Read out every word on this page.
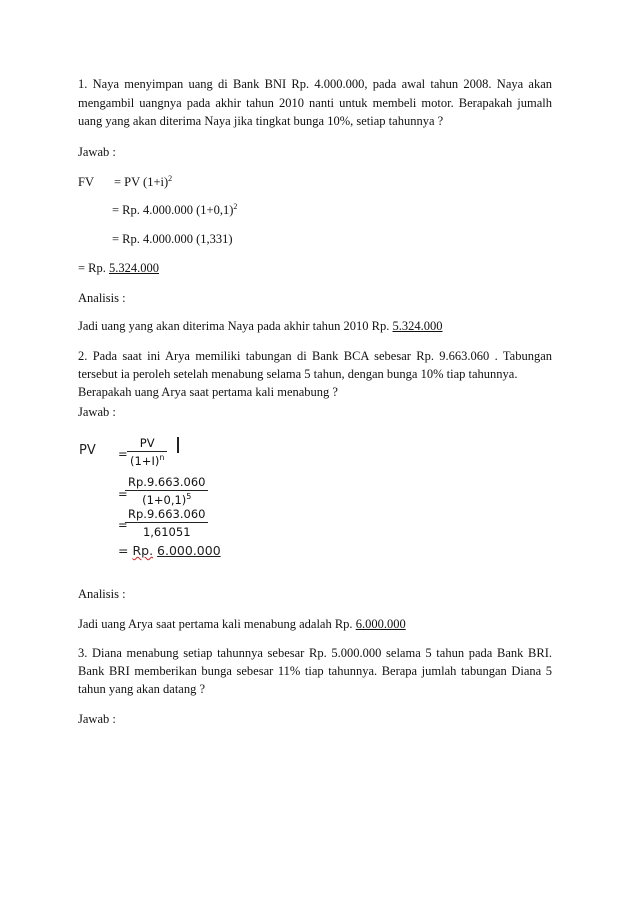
1. Naya menyimpan uang di Bank BNI Rp. 4.000.000, pada awal tahun 2008. Naya akan
mengambil uangnya pada akhir tahun 2010 nanti untuk membeli motor. Berapakah jumalh
uang yang akan diterima Naya jika tingkat bunga 10%, setiap tahunnya ?
Jawab :
FV = PV $(1+i)^2$
= Rp. 4.000.000 $(1+0,1)^2$
= Rp. 4.000.000 (1,331)
= Rp. 5.324.000
Analisis :
Jadi uang yang akan diterima Naya pada akhir tahun 2010 Rp. 5.324.000
2. Pada saat ini Arya memiliki tabungan di Bank BCA sebesar Rp. 9.663.060 . Tabungan
tersebut ia peroleh setelah menabung selama 5 tahun, dengan bunga 10% tiap tahunnya.
Berapakah uang Arya saat pertama kali menabung ?
Jawab :
PV = $\frac{PV}{(1+I)^n}$
=
$\frac{Rp.9.663.060}{(1+0,1)^5}$
=
$\frac{Rp.9.663.060}{1,61051}$
= Rp. 6.000.000
Analisis :
Jadi uang Arya saat pertama kali menabung adalah Rp. 6.000.000
3. Diana menabung setiap tahunnya sebesar Rp. 5.000.000 selama 5 tahun pada Bank BRI.
Bank BRI memberikan bunga sebesar 11% tiap tahunnya. Berapa jumlah tabungan Diana 5
tahun yang akan datang ?
Jawab :
